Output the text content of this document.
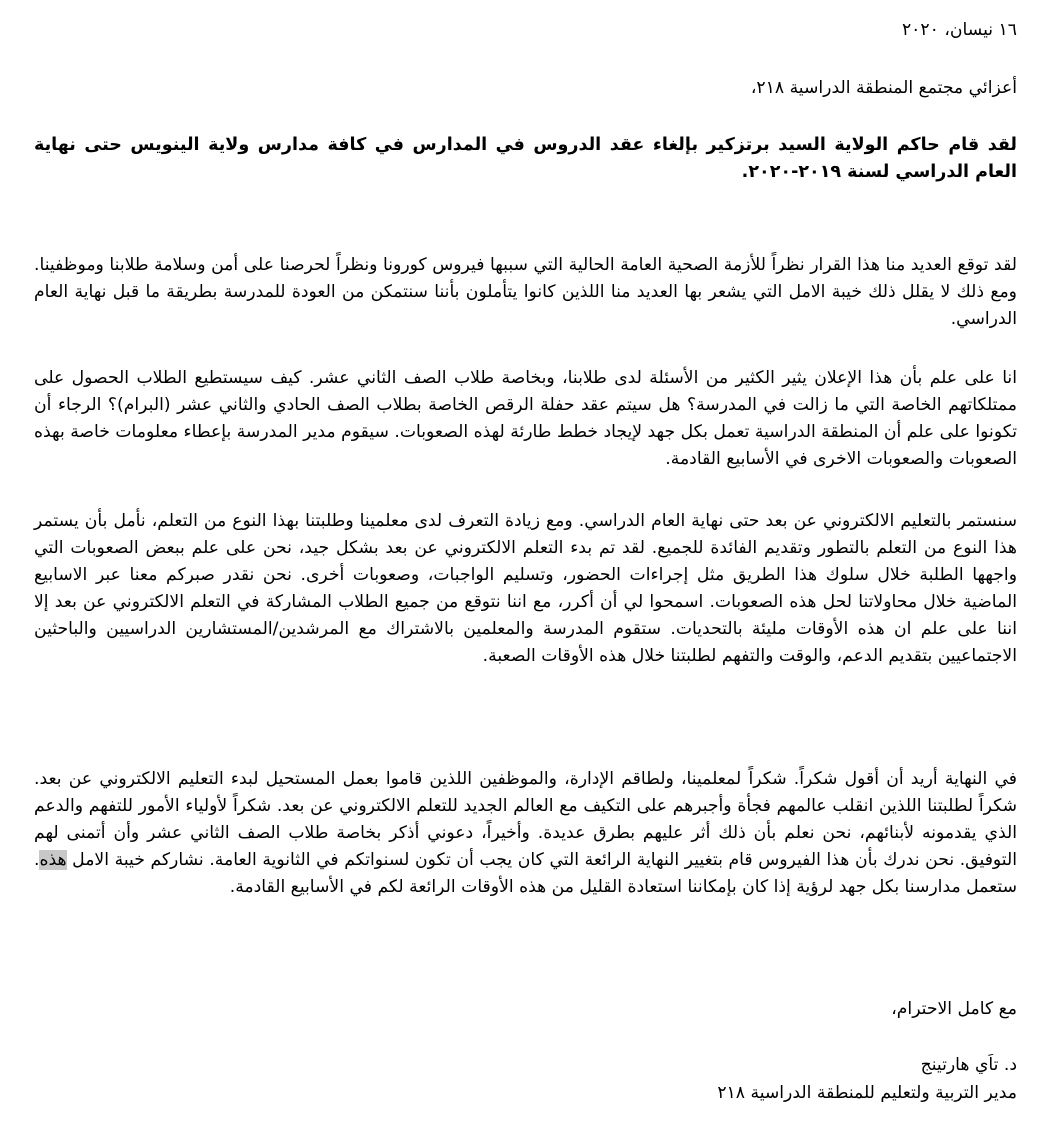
١٦ نيسان، ٢٠٢٠

أعزائي مجتمع المنطقة الدراسية ٢١٨،

لقد قام حاكم الولاية السيد برتزكير بإلغاء عقد الدروس في المدارس في كافة مدارس ولاية الينويس حتى نهاية العام الدراسي لسنة ٢٠١٩-٢٠٢٠.

لقد توقع العديد منا هذا القرار نظراً للأزمة الصحية العامة الحالية التي سببها فيروس كورونا ونظراً لحرصنا على أمن وسلامة طلابنا وموظفينا. ومع ذلك لا يقلل ذلك خيبة الامل التي يشعر بها العديد منا اللذين كانوا يتأملون بأننا سنتمكن من العودة للمدرسة بطريقة ما قبل نهاية العام الدراسي.

انا على علم بأن هذا الإعلان يثير الكثير من الأسئلة لدى طلابنا، وبخاصة طلاب الصف الثاني عشر. كيف سيستطيع الطلاب الحصول على ممتلكاتهم الخاصة التي ما زالت في المدرسة؟ هل سيتم عقد حفلة الرقص الخاصة بطلاب الصف الحادي والثاني عشر (البرام)؟ الرجاء أن تكونوا على علم أن المنطقة الدراسية تعمل بكل جهد لإيجاد خطط طارئة لهذه الصعوبات. سيقوم مدير المدرسة بإعطاء معلومات خاصة بهذه الصعوبات والصعوبات الاخرى في الأسابيع القادمة.

سنستمر بالتعليم الالكتروني عن بعد حتى نهاية العام الدراسي. ومع زيادة التعرف لدى معلمينا وطلبتنا بهذا النوع من التعلم، نأمل بأن يستمر هذا النوع من التعلم بالتطور وتقديم الفائدة للجميع. لقد تم بدء التعلم الالكتروني عن بعد بشكل جيد، نحن على علم ببعض الصعوبات التي واجهها الطلبة خلال سلوك هذا الطريق مثل إجراءات الحضور، وتسليم الواجبات، وصعوبات أخرى. نحن نقدر صبركم معنا عبر الاسابيع الماضية خلال محاولاتنا لحل هذه الصعوبات. اسمحوا لي أن أكرر، مع اننا نتوقع من جميع الطلاب المشاركة في التعلم الالكتروني عن بعد إلا اننا على علم ان هذه الأوقات مليئة بالتحديات. ستقوم المدرسة والمعلمين بالاشتراك مع المرشدين/المستشارين الدراسيين والباحثين الاجتماعيين بتقديم الدعم، والوقت والتفهم لطلبتنا خلال هذه الأوقات الصعبة.

في النهاية أريد أن أقول شكراً. شكراً لمعلمينا، ولطاقم الإدارة، والموظفين اللذين قاموا بعمل المستحيل لبدء التعليم الالكتروني عن بعد. شكراً لطلبتنا اللذين انقلب عالمهم فجأة وأجبرهم على التكيف مع العالم الجديد للتعلم الالكتروني عن بعد. شكراً لأولياء الأمور للتفهم والدعم الذي يقدمونه لأبنائهم، نحن نعلم بأن ذلك أثر عليهم بطرق عديدة. وأخيراً، دعوني أذكر بخاصة طلاب الصف الثاني عشر وأن أتمنى لهم التوفيق. نحن ندرك بأن هذا الفيروس قام بتغيير النهاية الرائعة التي كان يجب أن تكون لسنواتكم في الثانوية العامة. نشاركم خيبة الامل هذه. ستعمل مدارسنا بكل جهد لرؤية إذا كان بإمكاننا استعادة القليل من هذه الأوقات الرائعة لكم في الأسابيع القادمة.

مع كامل الاحترام،

د. تاَي هارتينج

مدير التربية ولتعليم للمنطقة الدراسية ٢١٨
